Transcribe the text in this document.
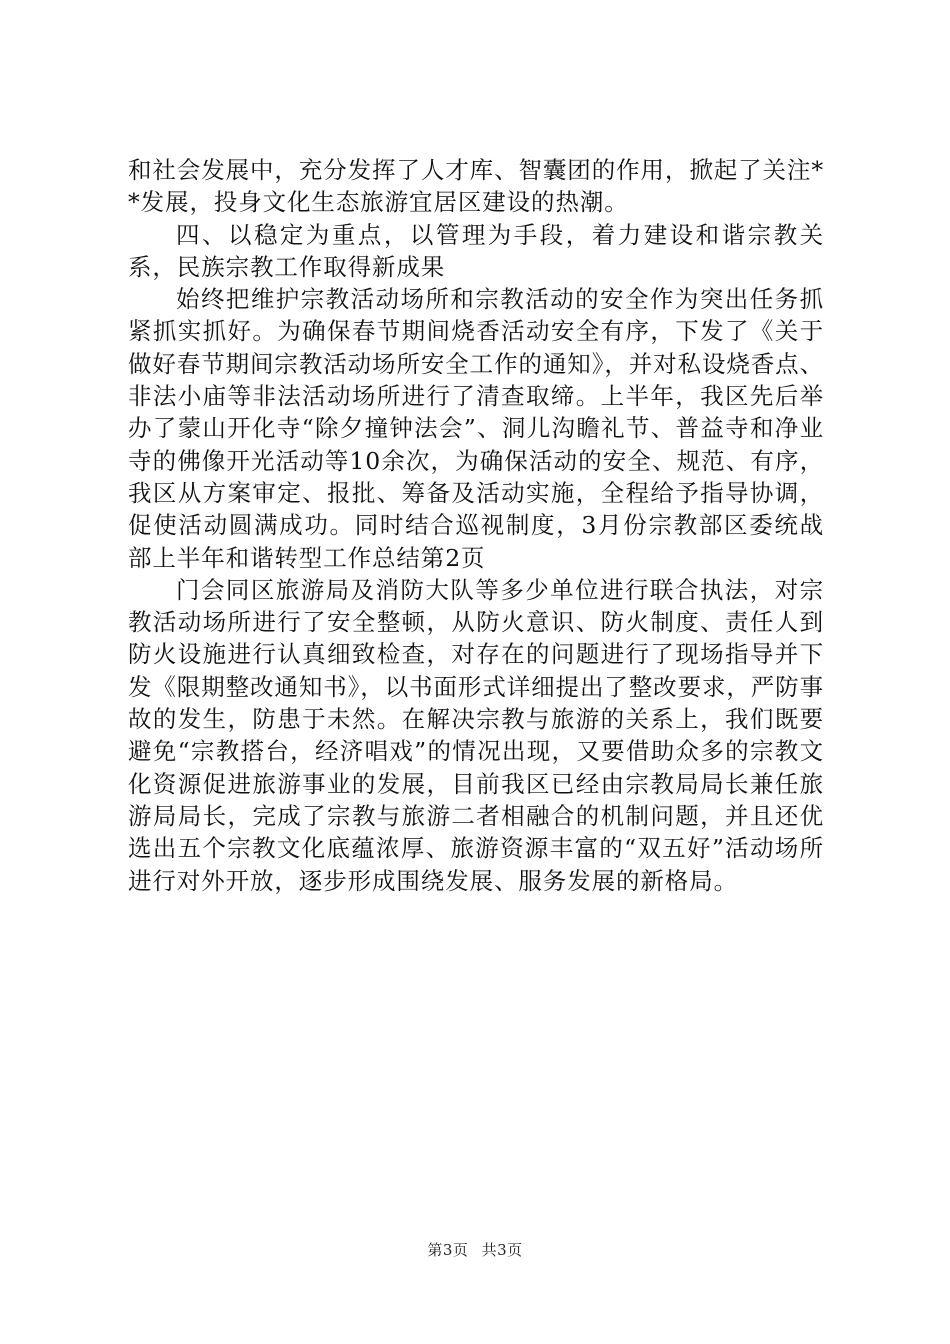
和社会发展中，充分发挥了人才库、智囊团的作用，掀起了关注**发展，投身文化生态旅游宜居区建设的热潮。

四、以稳定为重点，以管理为手段，着力建设和谐宗教关系，民族宗教工作取得新成果

始终把维护宗教活动场所和宗教活动的安全作为突出任务抓紧抓实抓好。为确保春节期间烧香活动安全有序，下发了《关于做好春节期间宗教活动场所安全工作的通知》，并对私设烧香点、非法小庙等非法活动场所进行了清查取缔。上半年，我区先后举办了蒙山开化寺“除夕撞钟法会”、洞儿沟瞻礼节、普益寺和净业寺的佛像开光活动等10余次，为确保活动的安全、规范、有序，我区从方案审定、报批、筹备及活动实施，全程给予指导协调，促使活动圆满成功。同时结合巡视制度，3月份宗教部区委统战部上半年和谐转型工作总结第2页

门会同区旅游局及消防大队等多少单位进行联合执法，对宗教活动场所进行了安全整顿，从防火意识、防火制度、责任人到防火设施进行认真细致检查，对存在的问题进行了现场指导并下发《限期整改通知书》，以书面形式详细提出了整改要求，严防事故的发生，防患于未然。在解决宗教与旅游的关系上，我们既要避免“宗教搭台，经济唱戏”的情况出现，又要借助众多的宗教文化资源促进旅游事业的发展，目前我区已经由宗教局局长兼任旅游局局长，完成了宗教与旅游二者相融合的机制问题，并且还优选出五个宗教文化底蕴浓厚、旅游资源丰富的“双五好”活动场所进行对外开放，逐步形成围绕发展、服务发展的新格局。

第3页 共3页
